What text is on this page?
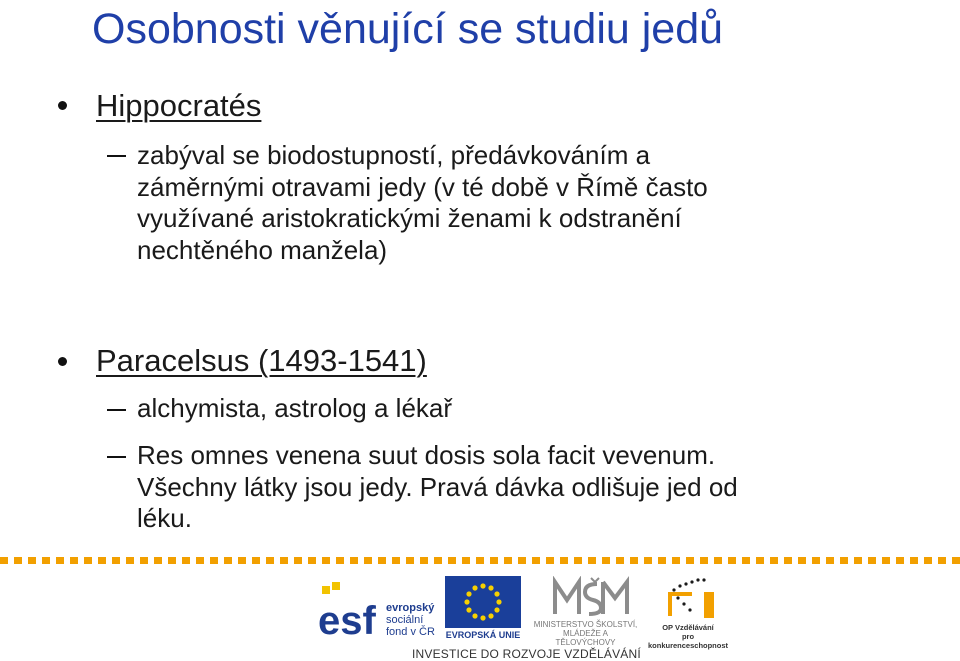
Osobnosti věnující se studiu jedů
Hippocratés
zabýval se biodostupností, předávkováním a
záměrnými otravami jedy (v té době v Římě často
využívané aristokratickými ženami k odstranění
nechtěného manžela)
Paracelsus (1493-1541)
alchymista, astrolog a lékař
Res omnes venena suut dosis sola facit vevenum.
Všechny látky jsou jedy. Pravá dávka odlišuje jed od
léku.
esf evropský
sociální
fond v ČR EVROPSKÁ UNIE
MINISTERSTVO ŠKOLSTVÍ,
MLÁDEŽE A TĚLOVÝCHOVY
OP Vzdělávání
pro konkurenceschopnost
INVESTICE DO ROZVOJE VZDĚLÁVÁNÍ
